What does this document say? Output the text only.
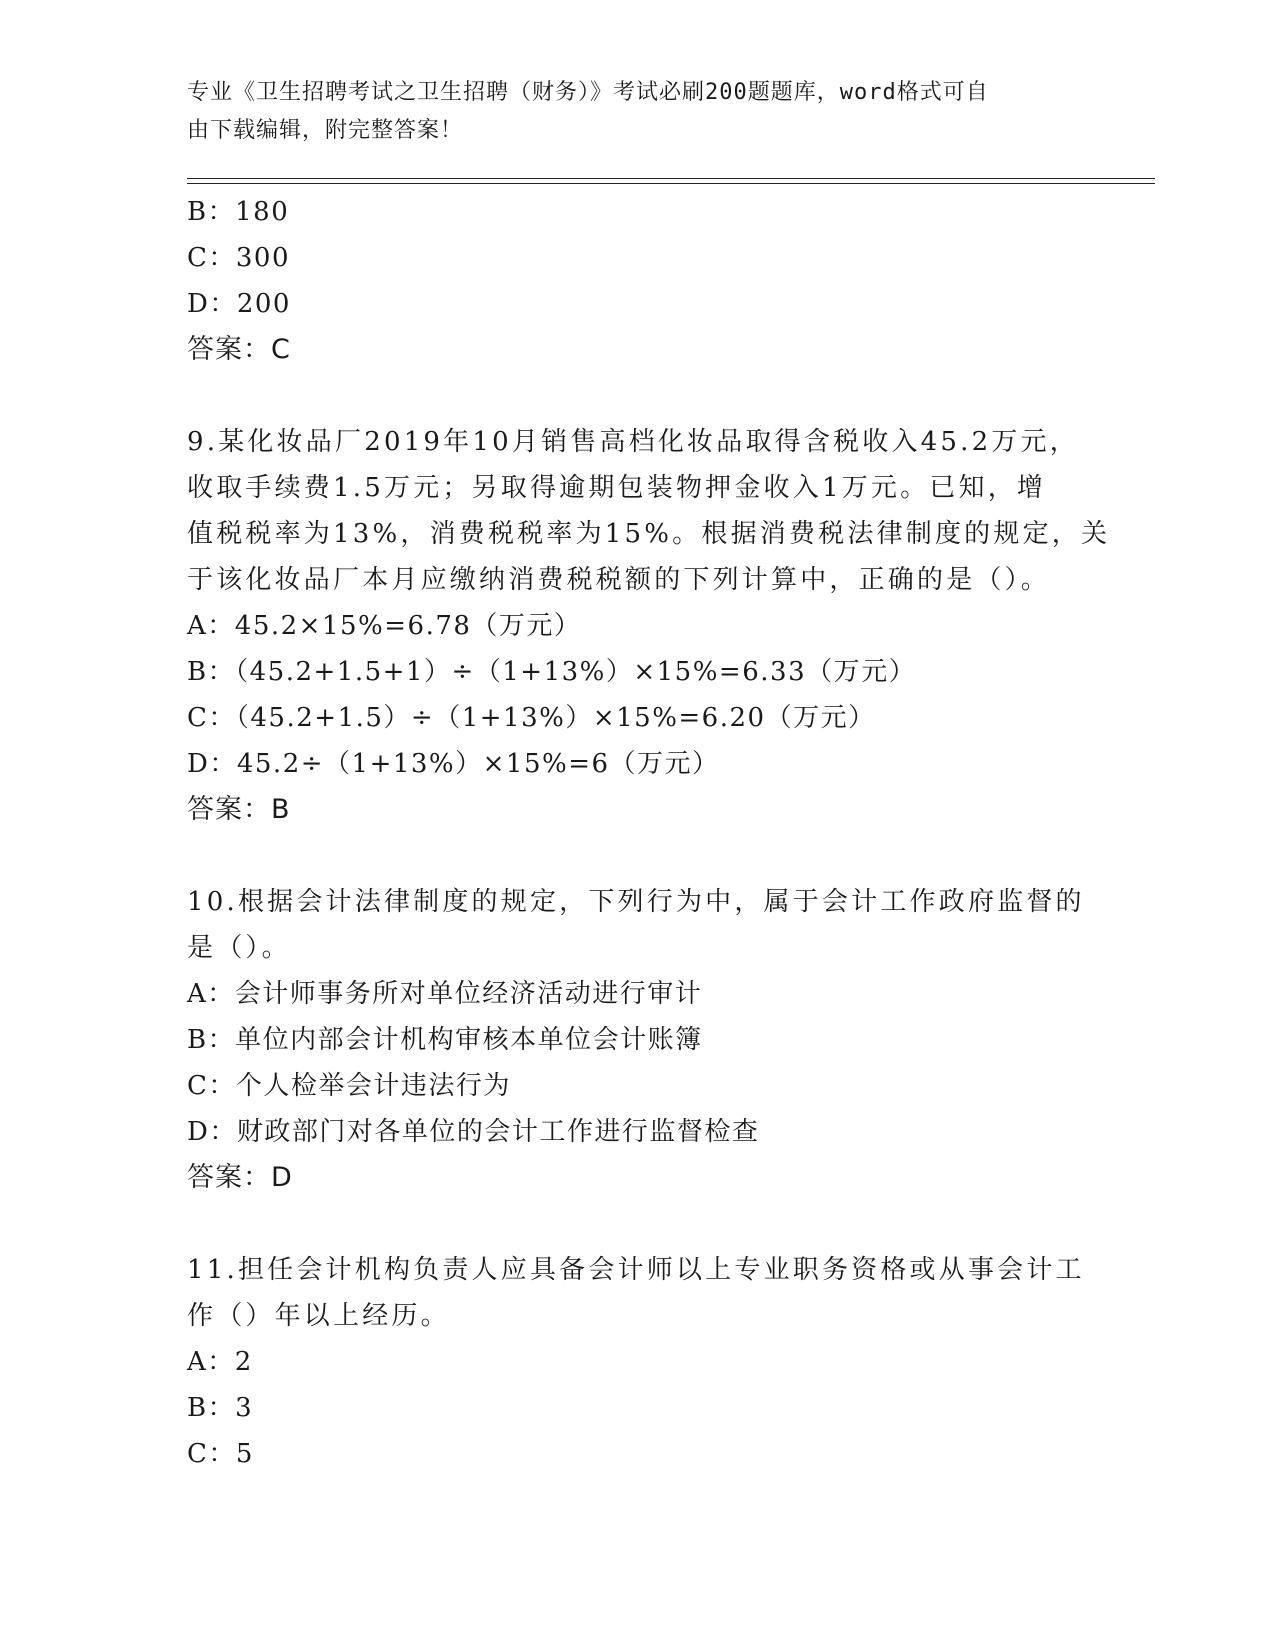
专业《卫生招聘考试之卫生招聘（财务）》考试必刷200题题库，word格式可自
由下载编辑，附完整答案！
B：180
C：300
D：200
答案：C
9.某化妆品厂2019年10月销售高档化妆品取得含税收入45.2万元，
收取手续费1.5万元；另取得逾期包装物押金收入1万元。已知，增
值税税率为13%，消费税税率为15%。根据消费税法律制度的规定，关
于该化妆品厂本月应缴纳消费税税额的下列计算中，正确的是（）。
A：45.2×15%=6.78（万元）
B：（45.2+1.5+1）÷（1+13%）×15%=6.33（万元）
C：（45.2+1.5）÷（1+13%）×15%=6.20（万元）
D：45.2÷（1+13%）×15%=6（万元）
答案：B
10.根据会计法律制度的规定，下列行为中，属于会计工作政府监督的
是（）。
A：会计师事务所对单位经济活动进行审计
B：单位内部会计机构审核本单位会计账簿
C：个人检举会计违法行为
D：财政部门对各单位的会计工作进行监督检查
答案：D
11.担任会计机构负责人应具备会计师以上专业职务资格或从事会计工
作（）年以上经历。
A：2
B：3
C：5
